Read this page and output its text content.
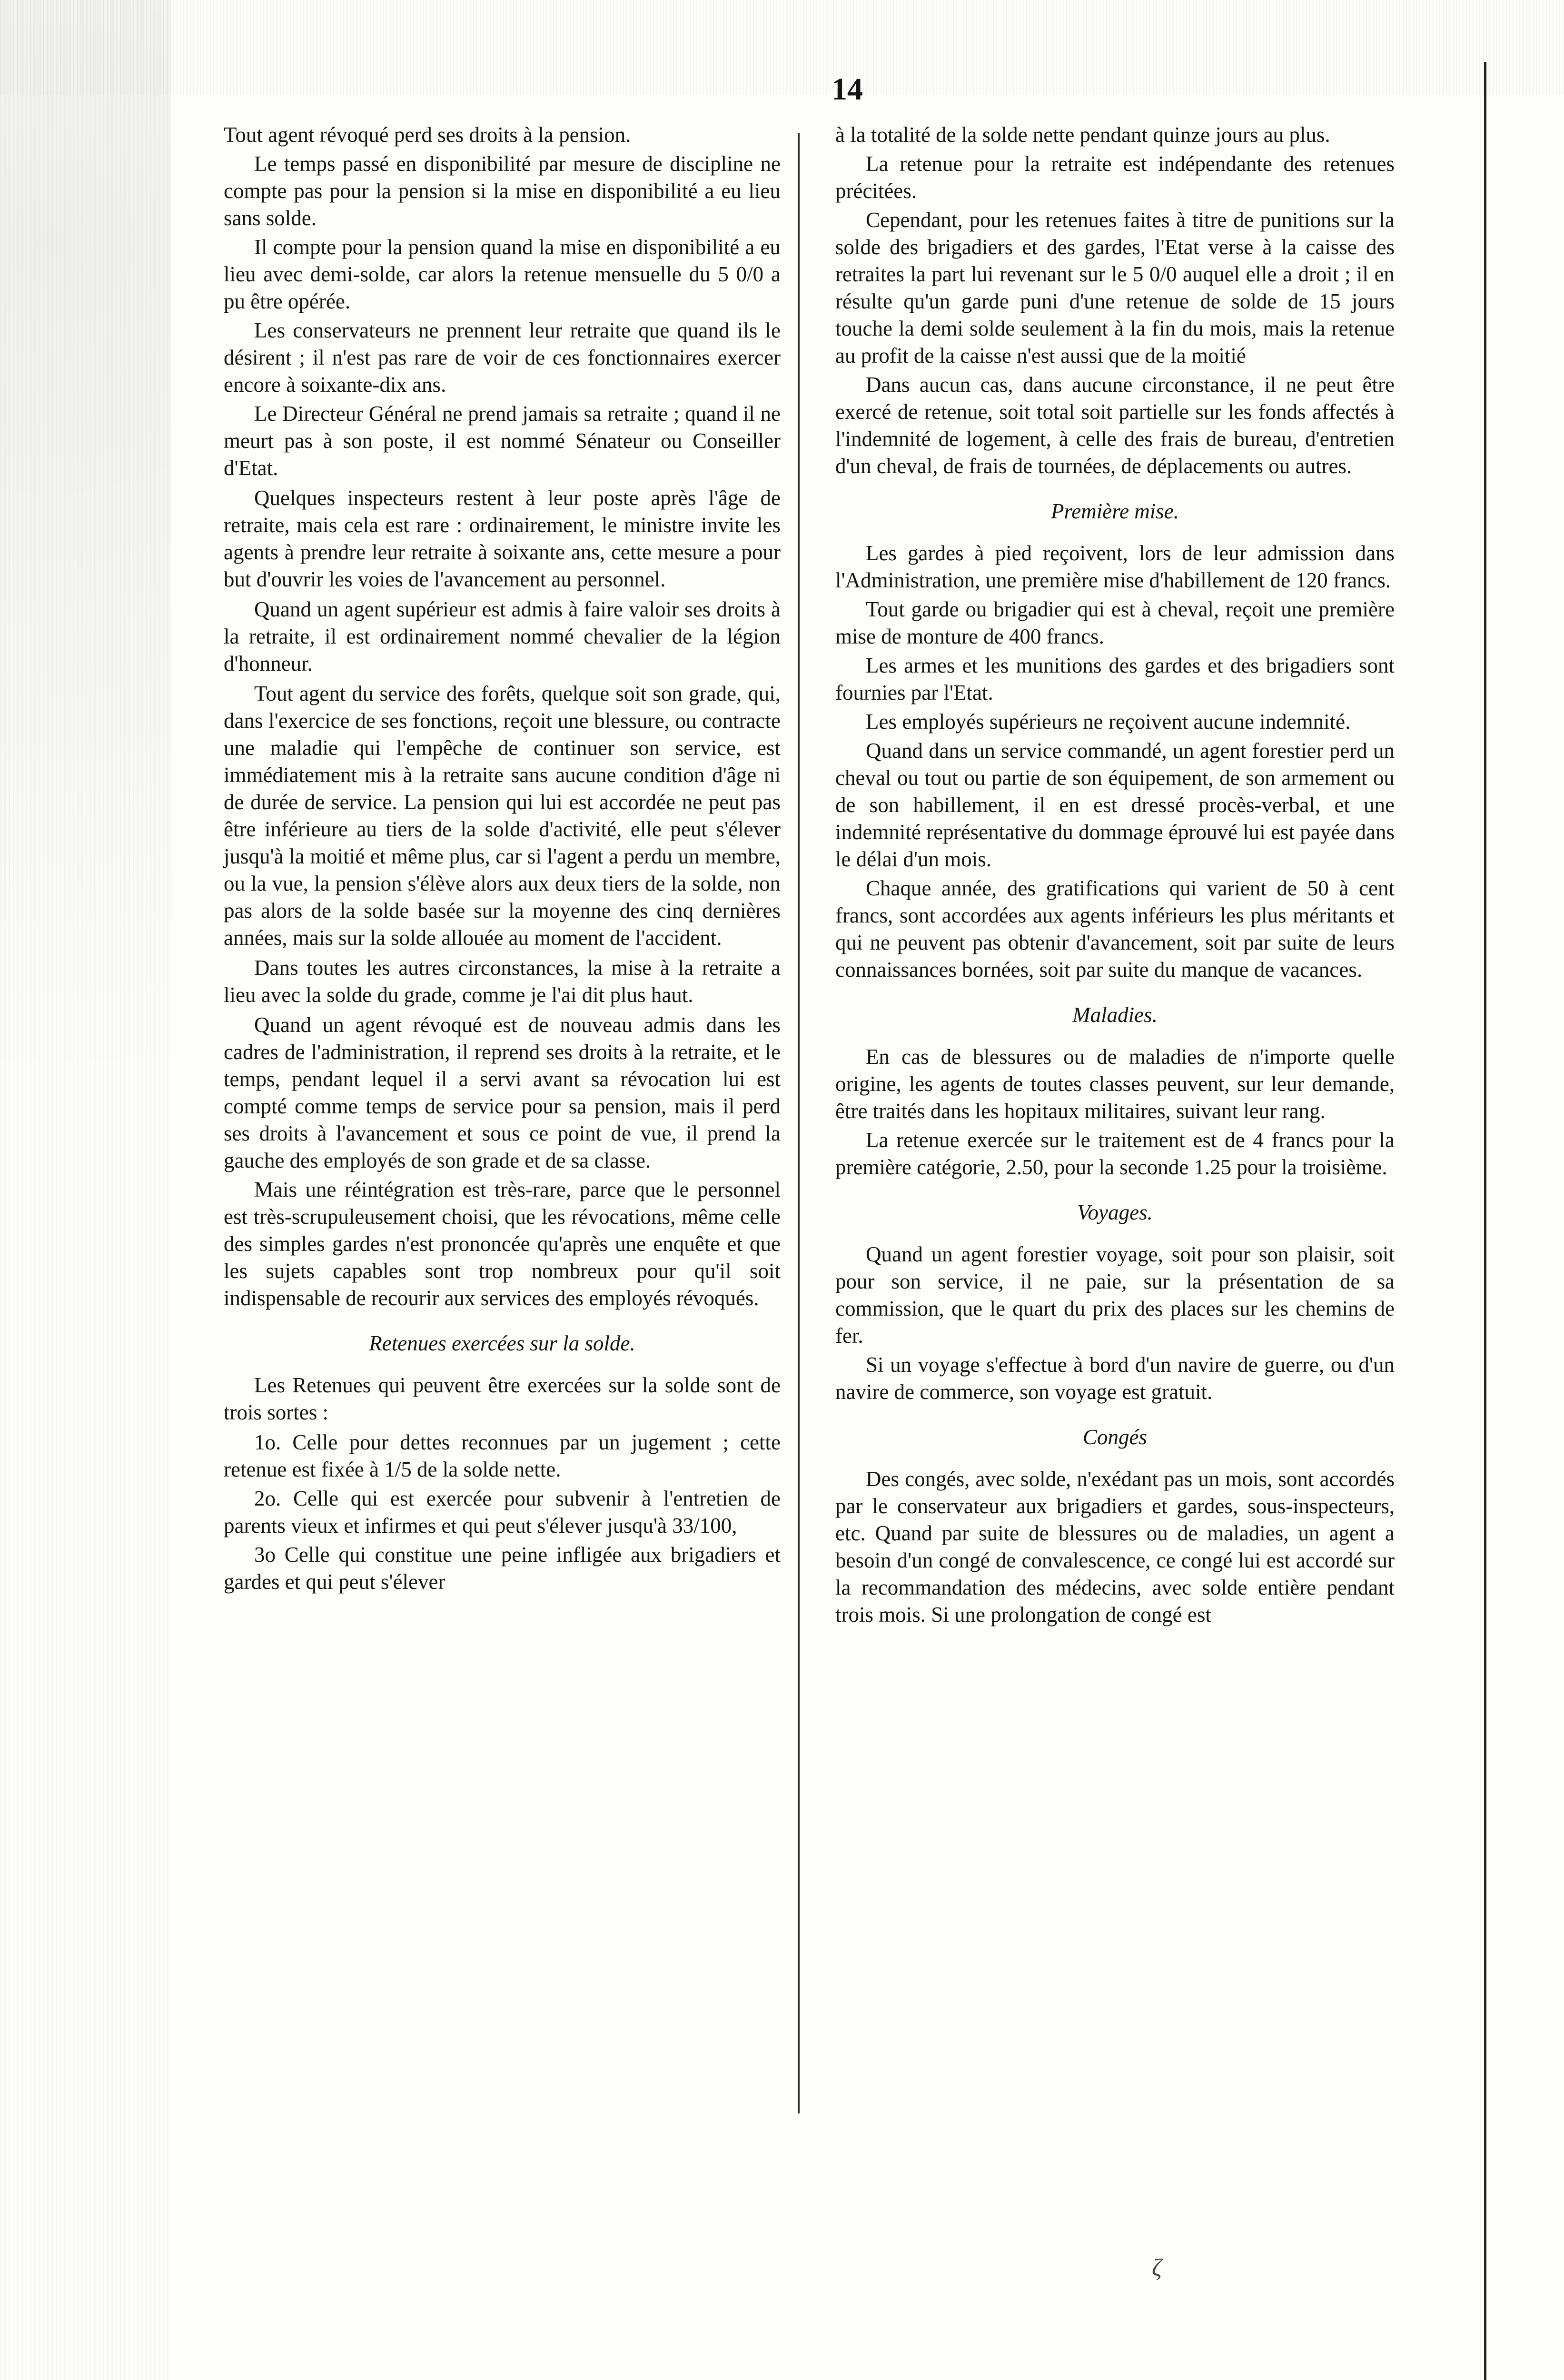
14

Tout agent révoqué perd ses droits à la pension.

Le temps passé en disponibilité par mesure de discipline ne compte pas pour la pension si la mise en disponibilité a eu lieu sans solde.

Il compte pour la pension quand la mise en disponibilité a eu lieu avec demi-solde, car alors la retenue mensuelle du 5 0/0 a pu être opérée.

Les conservateurs ne prennent leur retraite que quand ils le désirent ; il n'est pas rare de voir de ces fonctionnaires exercer encore à soixante-dix ans.

Le Directeur Général ne prend jamais sa retraite ; quand il ne meurt pas à son poste, il est nommé Sénateur ou Conseiller d'Etat.

Quelques inspecteurs restent à leur poste après l'âge de retraite, mais cela est rare : ordinairement, le ministre invite les agents à prendre leur retraite à soixante ans, cette mesure a pour but d'ouvrir les voies de l'avancement au personnel.

Quand un agent supérieur est admis à faire valoir ses droits à la retraite, il est ordinairement nommé chevalier de la légion d'honneur.

Tout agent du service des forêts, quelque soit son grade, qui, dans l'exercice de ses fonctions, reçoit une blessure, ou contracte une maladie qui l'empêche de continuer son service, est immédiatement mis à la retraite sans aucune condition d'âge ni de durée de service. La pension qui lui est accordée ne peut pas être inférieure au tiers de la solde d'activité, elle peut s'élever jusqu'à la moitié et même plus, car si l'agent a perdu un membre, ou la vue, la pension s'élève alors aux deux tiers de la solde, non pas alors de la solde basée sur la moyenne des cinq dernières années, mais sur la solde allouée au moment de l'accident.

Dans toutes les autres circonstances, la mise à la retraite a lieu avec la solde du grade, comme je l'ai dit plus haut.

Quand un agent révoqué est de nouveau admis dans les cadres de l'administration, il reprend ses droits à la retraite, et le temps, pendant lequel il a servi avant sa révocation lui est compté comme temps de service pour sa pension, mais il perd ses droits à l'avancement et sous ce point de vue, il prend la gauche des employés de son grade et de sa classe.

Mais une réintégration est très-rare, parce que le personnel est très-scrupuleusement choisi, que les révocations, même celle des simples gardes n'est prononcée qu'après une enquête et que les sujets capables sont trop nombreux pour qu'il soit indispensable de recourir aux services des employés révoqués.

Retenues exercées sur la solde.

Les Retenues qui peuvent être exercées sur la solde sont de trois sortes :

1o. Celle pour dettes reconnues par un jugement ; cette retenue est fixée à 1/5 de la solde nette.

2o. Celle qui est exercée pour subvenir à l'entretien de parents vieux et infirmes et qui peut s'élever jusqu'à 33/100,

3o Celle qui constitue une peine infligée aux brigadiers et gardes et qui peut s'élever

à la totalité de la solde nette pendant quinze jours au plus.

La retenue pour la retraite est indépendante des retenues précitées.

Cependant, pour les retenues faites à titre de punitions sur la solde des brigadiers et des gardes, l'Etat verse à la caisse des retraites la part lui revenant sur le 5 0/0 auquel elle a droit ; il en résulte qu'un garde puni d'une retenue de solde de 15 jours touche la demi solde seulement à la fin du mois, mais la retenue au profit de la caisse n'est aussi que de la moitié

Dans aucun cas, dans aucune circonstance, il ne peut être exercé de retenue, soit total soit partielle sur les fonds affectés à l'indemnité de logement, à celle des frais de bureau, d'entretien d'un cheval, de frais de tournées, de déplacements ou autres.

Première mise.

Les gardes à pied reçoivent, lors de leur admission dans l'Administration, une première mise d'habillement de 120 francs.

Tout garde ou brigadier qui est à cheval, reçoit une première mise de monture de 400 francs.

Les armes et les munitions des gardes et des brigadiers sont fournies par l'Etat.

Les employés supérieurs ne reçoivent aucune indemnité.

Quand dans un service commandé, un agent forestier perd un cheval ou tout ou partie de son équipement, de son armement ou de son habillement, il en est dressé procès-verbal, et une indemnité représentative du dommage éprouvé lui est payée dans le délai d'un mois.

Chaque année, des gratifications qui varient de 50 à cent francs, sont accordées aux agents inférieurs les plus méritants et qui ne peuvent pas obtenir d'avancement, soit par suite de leurs connaissances bornées, soit par suite du manque de vacances.

Maladies.

En cas de blessures ou de maladies de n'importe quelle origine, les agents de toutes classes peuvent, sur leur demande, être traités dans les hopitaux militaires, suivant leur rang.

La retenue exercée sur le traitement est de 4 francs pour la première catégorie, 2.50, pour la seconde 1.25 pour la troisième.

Voyages.

Quand un agent forestier voyage, soit pour son plaisir, soit pour son service, il ne paie, sur la présentation de sa commission, que le quart du prix des places sur les chemins de fer.

Si un voyage s'effectue à bord d'un navire de guerre, ou d'un navire de commerce, son voyage est gratuit.

Congés

Des congés, avec solde, n'exédant pas un mois, sont accordés par le conservateur aux brigadiers et gardes, sous-inspecteurs, etc. Quand par suite de blessures ou de maladies, un agent a besoin d'un congé de convalescence, ce congé lui est accordé sur la recommandation des médecins, avec solde entière pendant trois mois. Si une prolongation de congé est

ζ
